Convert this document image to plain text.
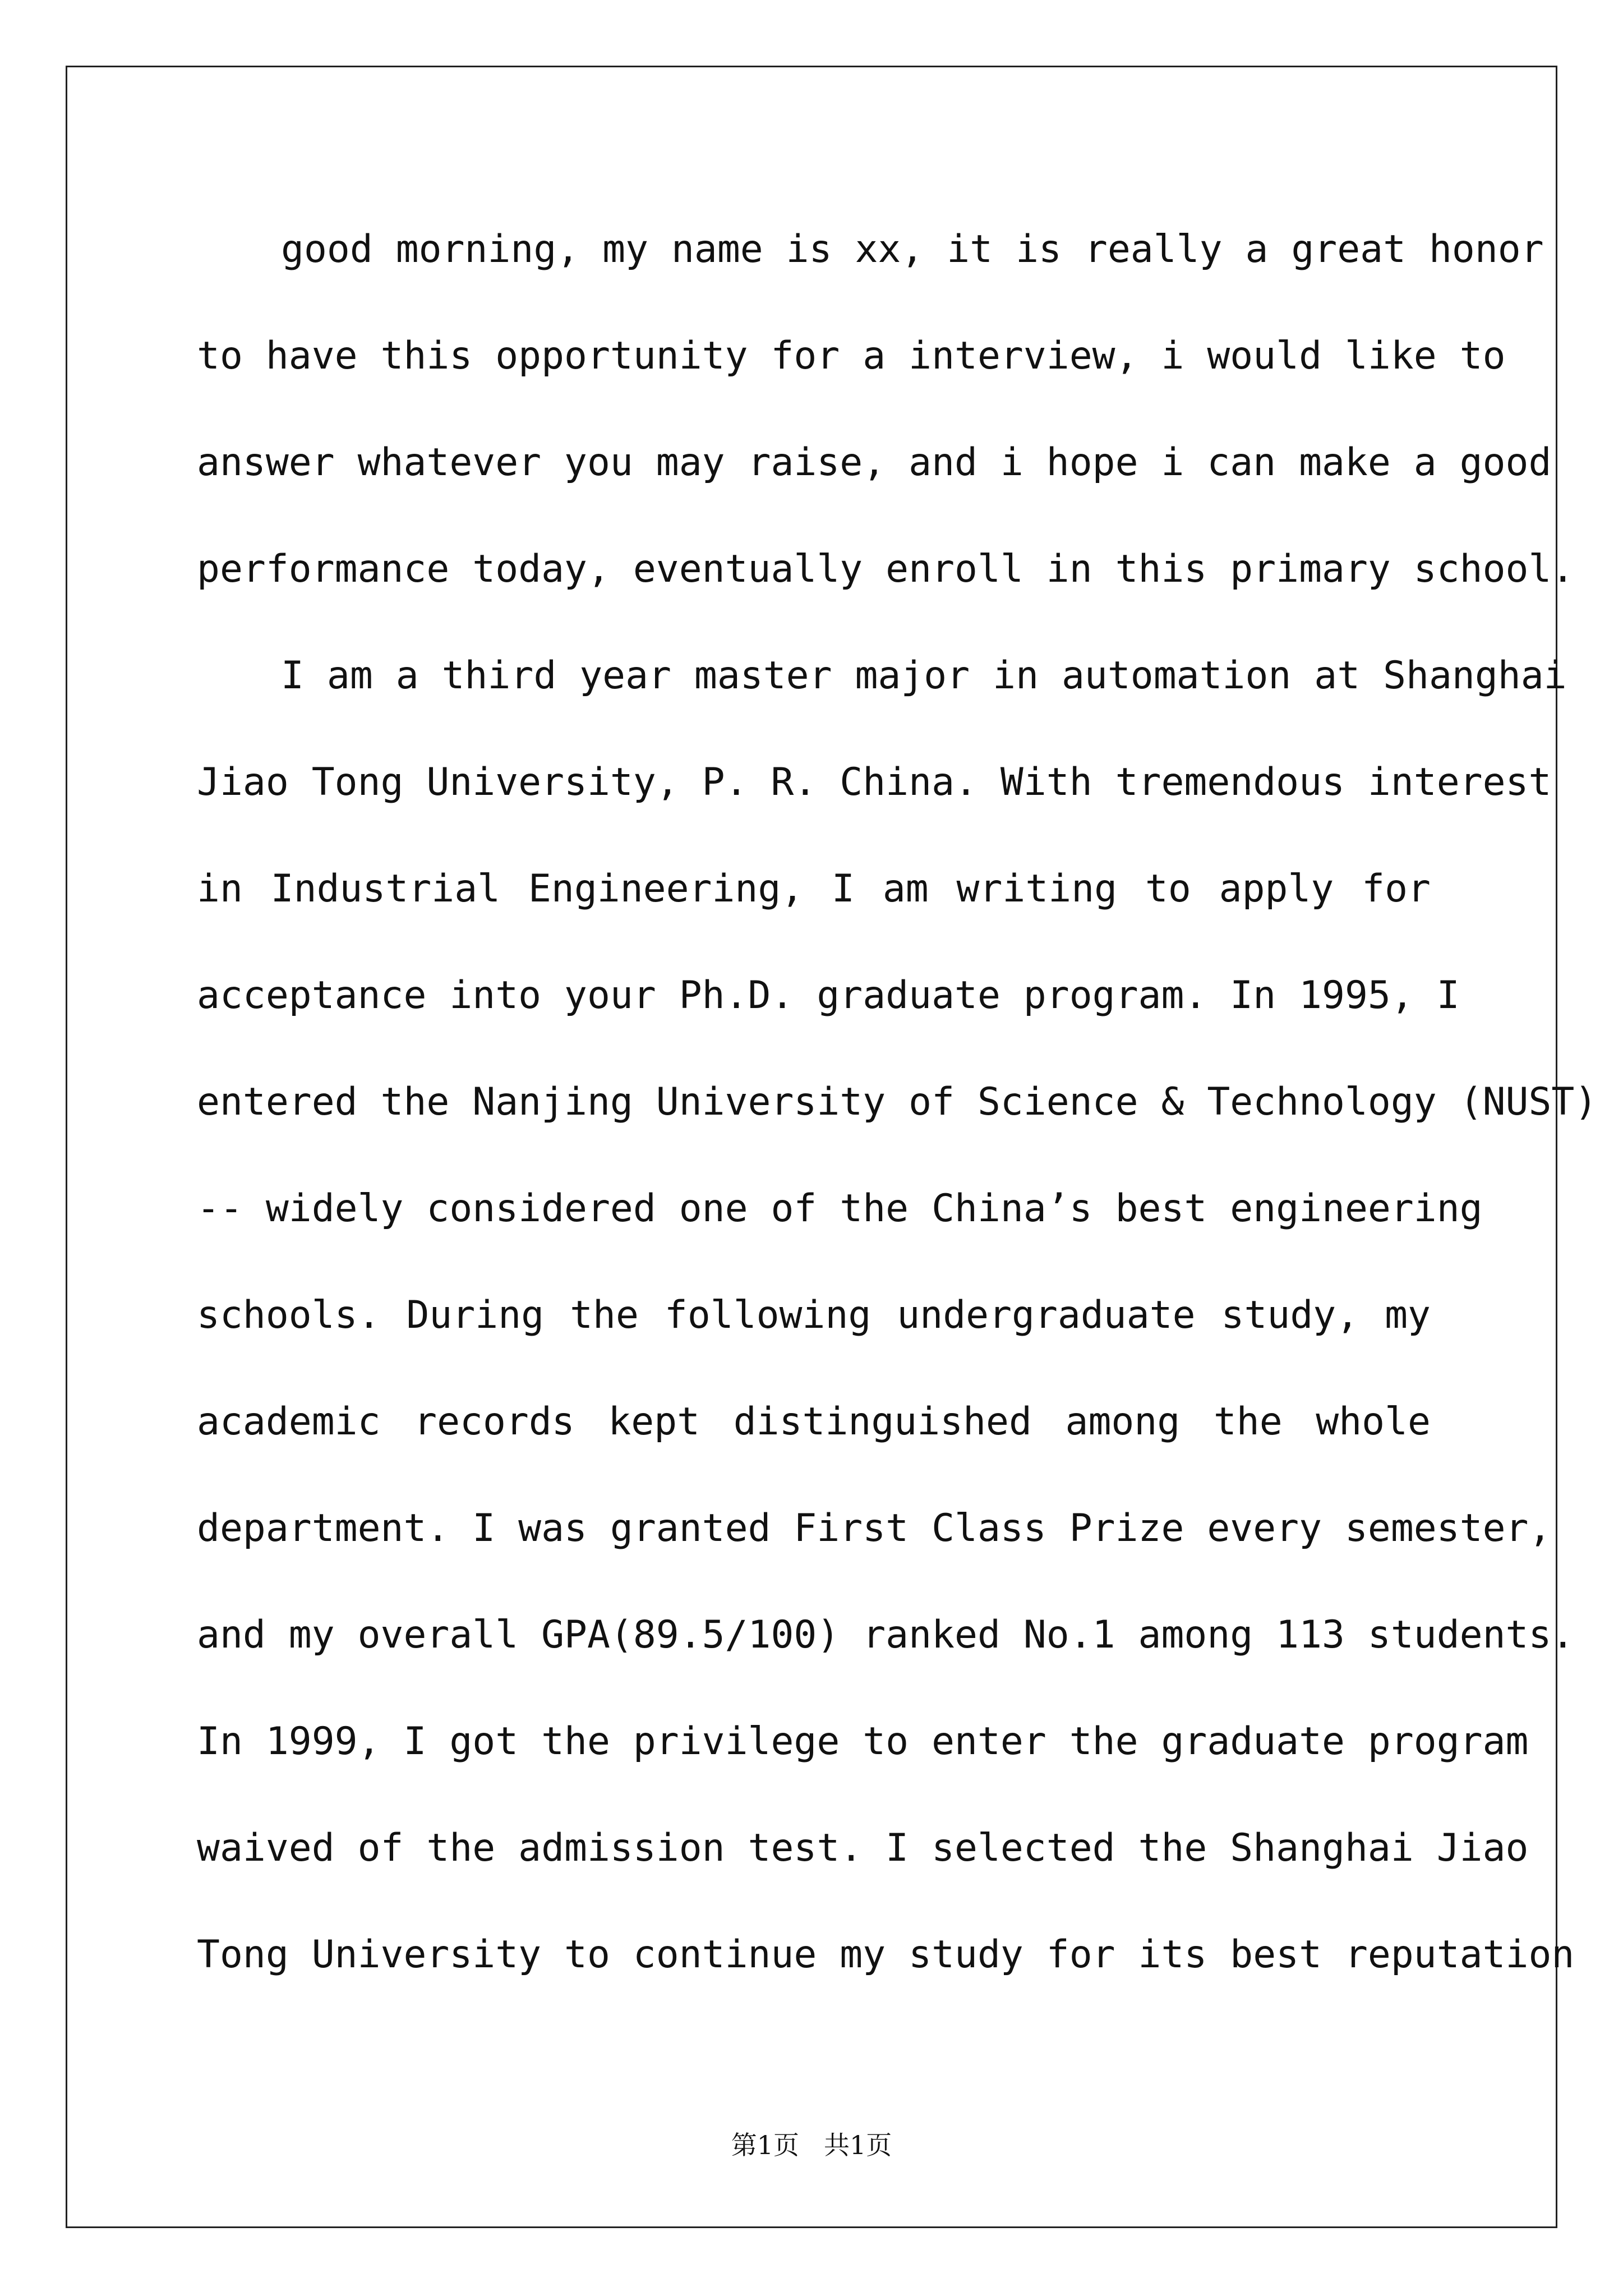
good morning, my name is xx, it is really a great honor
to have this opportunity for a interview, i would like to
answer whatever you may raise, and i hope i can make a good
performance today, eventually enroll in this primary school.
I am a third year master major in automation at Shanghai
Jiao Tong University, P. R. China. With tremendous interest
in Industrial Engineering, I am writing to apply for
acceptance into your Ph.D. graduate program. In 1995, I
entered the Nanjing University of Science & Technology (NUST)
-- widely considered one of the China’s best engineering
schools. During the following undergraduate study, my
academic records kept distinguished among the whole
department. I was granted First Class Prize every semester,
and my overall GPA(89.5/100) ranked No.1 among 113 students.
In 1999, I got the privilege to enter the graduate program
waived of the admission test. I selected the Shanghai Jiao
Tong University to continue my study for its best reputation
第1页 共1页
